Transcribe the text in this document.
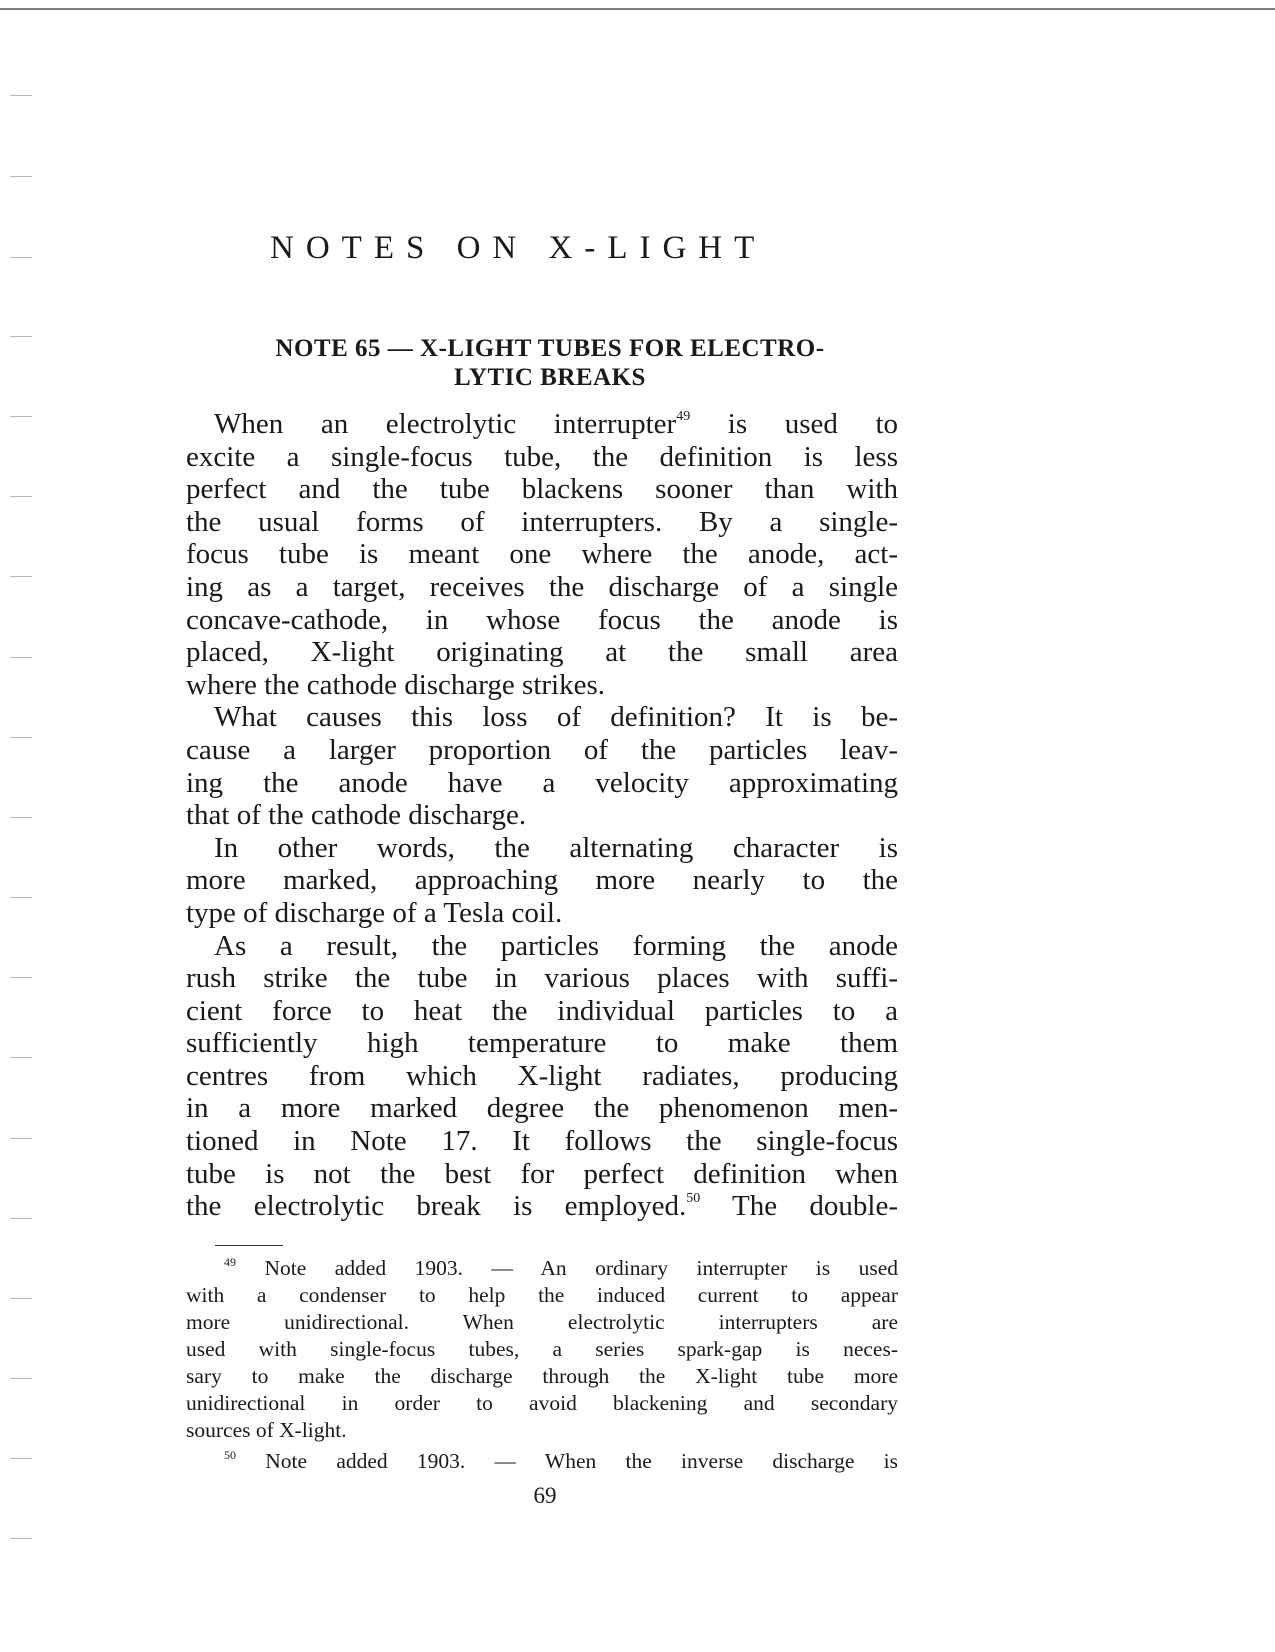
NOTES ON X-LIGHT
NOTE 65 — X-LIGHT TUBES FOR ELECTRO-
LYTIC BREAKS
When an electrolytic interrupter$^{49}$ is used to
excite a single-focus tube, the definition is less
perfect and the tube blackens sooner than with
the usual forms of interrupters. By a single-
focus tube is meant one where the anode, act-
ing as a target, receives the discharge of a single
concave-cathode, in whose focus the anode is
placed, X-light originating at the small area
where the cathode discharge strikes.
What causes this loss of definition? It is be-
cause a larger proportion of the particles leav-
ing the anode have a velocity approximating
that of the cathode discharge.
In other words, the alternating character is
more marked, approaching more nearly to the
type of discharge of a Tesla coil.
As a result, the particles forming the anode
rush strike the tube in various places with suffi-
cient force to heat the individual particles to a
sufficiently high temperature to make them
centres from which X-light radiates, producing
in a more marked degree the phenomenon men-
tioned in Note 17. It follows the single-focus
tube is not the best for perfect definition when
the electrolytic break is employed.$^{50}$ The double-
$^{49}$ Note added 1903. — An ordinary interrupter is used
with a condenser to help the induced current to appear
more unidirectional. When electrolytic interrupters are
used with single-focus tubes, a series spark-gap is neces-
sary to make the discharge through the X-light tube more
unidirectional in order to avoid blackening and secondary
sources of X-light.
$^{50}$ Note added 1903. — When the inverse discharge is
69
